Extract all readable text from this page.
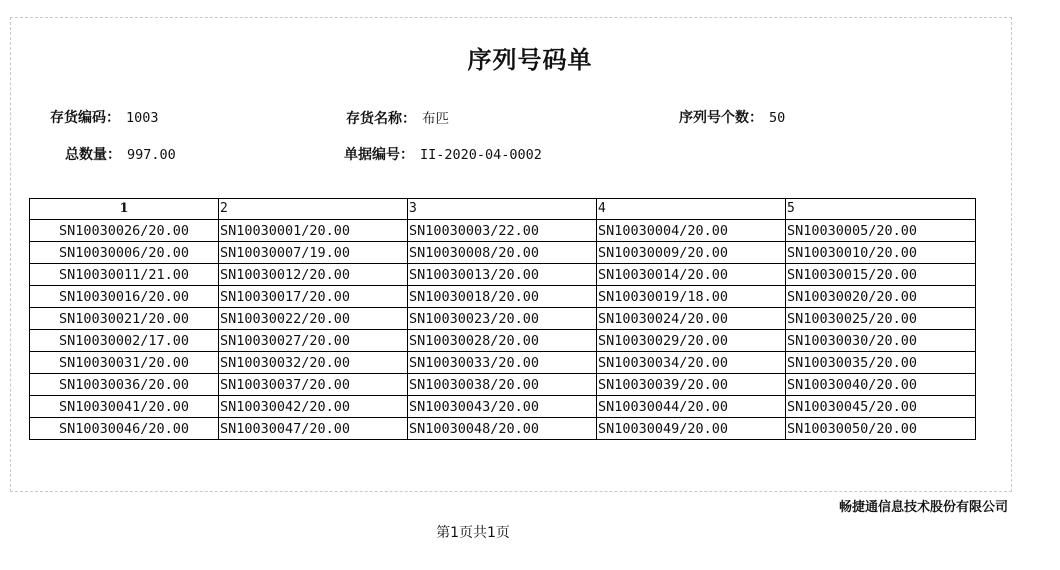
序列号码单
存货编码： 1003	存货名称： 布匹	序列号个数： 50
总数量： 997.00	单据编号： II-2020-04-0002
1	2	3	4	5
SN10030026/20.00	SN10030001/20.00	SN10030003/22.00	SN10030004/20.00	SN10030005/20.00
SN10030006/20.00	SN10030007/19.00	SN10030008/20.00	SN10030009/20.00	SN10030010/20.00
SN10030011/21.00	SN10030012/20.00	SN10030013/20.00	SN10030014/20.00	SN10030015/20.00
SN10030016/20.00	SN10030017/20.00	SN10030018/20.00	SN10030019/18.00	SN10030020/20.00
SN10030021/20.00	SN10030022/20.00	SN10030023/20.00	SN10030024/20.00	SN10030025/20.00
SN10030002/17.00	SN10030027/20.00	SN10030028/20.00	SN10030029/20.00	SN10030030/20.00
SN10030031/20.00	SN10030032/20.00	SN10030033/20.00	SN10030034/20.00	SN10030035/20.00
SN10030036/20.00	SN10030037/20.00	SN10030038/20.00	SN10030039/20.00	SN10030040/20.00
SN10030041/20.00	SN10030042/20.00	SN10030043/20.00	SN10030044/20.00	SN10030045/20.00
SN10030046/20.00	SN10030047/20.00	SN10030048/20.00	SN10030049/20.00	SN10030050/20.00
畅捷通信息技术股份有限公司
第1页共1页
